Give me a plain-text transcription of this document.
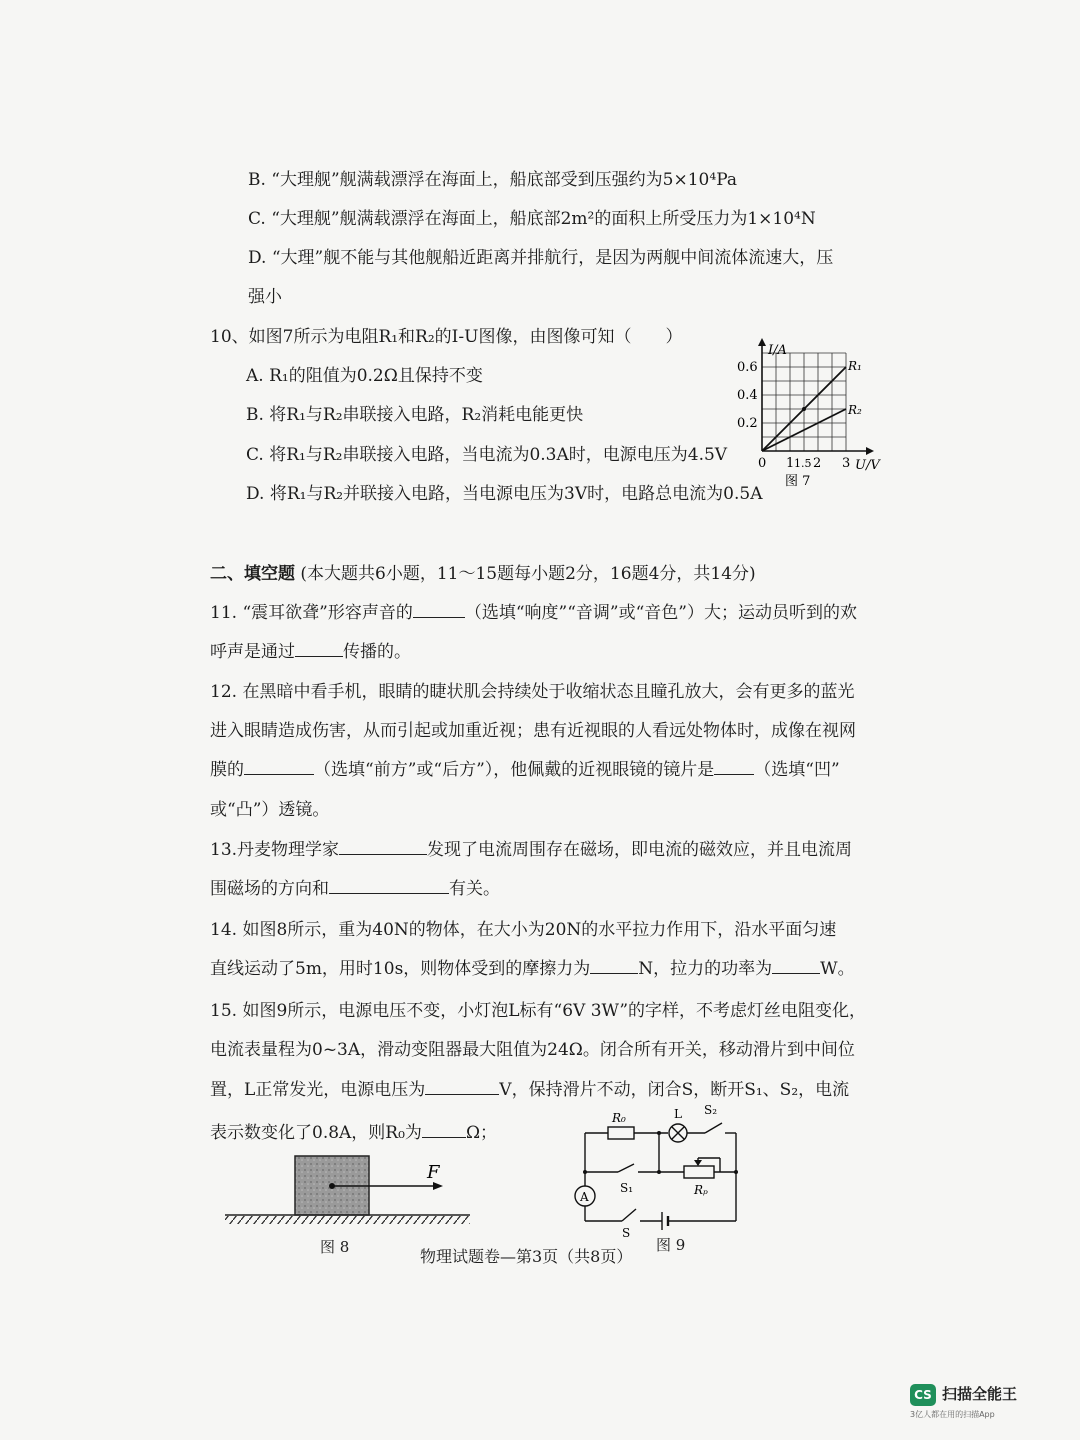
B. “大理舰”舰满载漂浮在海面上，船底部受到压强约为5×10⁴Pa
C. “大理舰”舰满载漂浮在海面上，船底部2m²的面积上所受压力为1×10⁴N
D. “大理”舰不能与其他舰船近距离并排航行，是因为两舰中间流体流速大，压
强小
10、如图7所示为电阻R₁和R₂的I-U图像，由图像可知（　　）
A. R₁的阻值为0.2Ω且保持不变
B. 将R₁与R₂串联接入电路，R₂消耗电能更快
C. 将R₁与R₂串联接入电路，当电流为0.3A时，电源电压为4.5V
D. 将R₁与R₂并联接入电路，当电源电压为3V时，电路总电流为0.5A
I/A
0.6
0.4
0.2
0 1 1.5 2 3 U/V
R₁
R₂
图 7
二、填空题 (本大题共6小题，11～15题每小题2分，16题4分，共14分)
11. “震耳欲聋”形容声音的	（选填“响度”“音调”或“音色”）大；运动员听到的欢
呼声是通过	传播的。
12. 在黑暗中看手机，眼睛的睫状肌会持续处于收缩状态且瞳孔放大，会有更多的蓝光
进入眼睛造成伤害，从而引起或加重近视；患有近视眼的人看远处物体时，成像在视网
膜的	（选填“前方”或“后方”），他佩戴的近视眼镜的镜片是 （选填“凹”
或“凸”）透镜。
13.丹麦物理学家	发现了电流周围存在磁场，即电流的磁效应，并且电流周
围磁场的方向和	有关。
14. 如图8所示，重为40N的物体，在大小为20N的水平拉力作用下，沿水平面匀速
直线运动了5m，用时10s，则物体受到的摩擦力为	N，拉力的功率为	W。
15. 如图9所示，电源电压不变，小灯泡L标有“6V 3W”的字样，不考虑灯丝电阻变化，
电流表量程为0~3A，滑动变阻器最大阻值为24Ω。闭合所有开关，移动滑片到中间位
置，L正常发光，电源电压为	V，保持滑片不动，闭合S，断开S₁、S₂，电流
表示数变化了0.8A，则R₀为	Ω；
F
图 8
A
R₀	L S₂
S₁	Rₚ
S
图 9
物理试题卷—第3页（共8页）
CS 扫描全能王
3亿人都在用的扫描App
